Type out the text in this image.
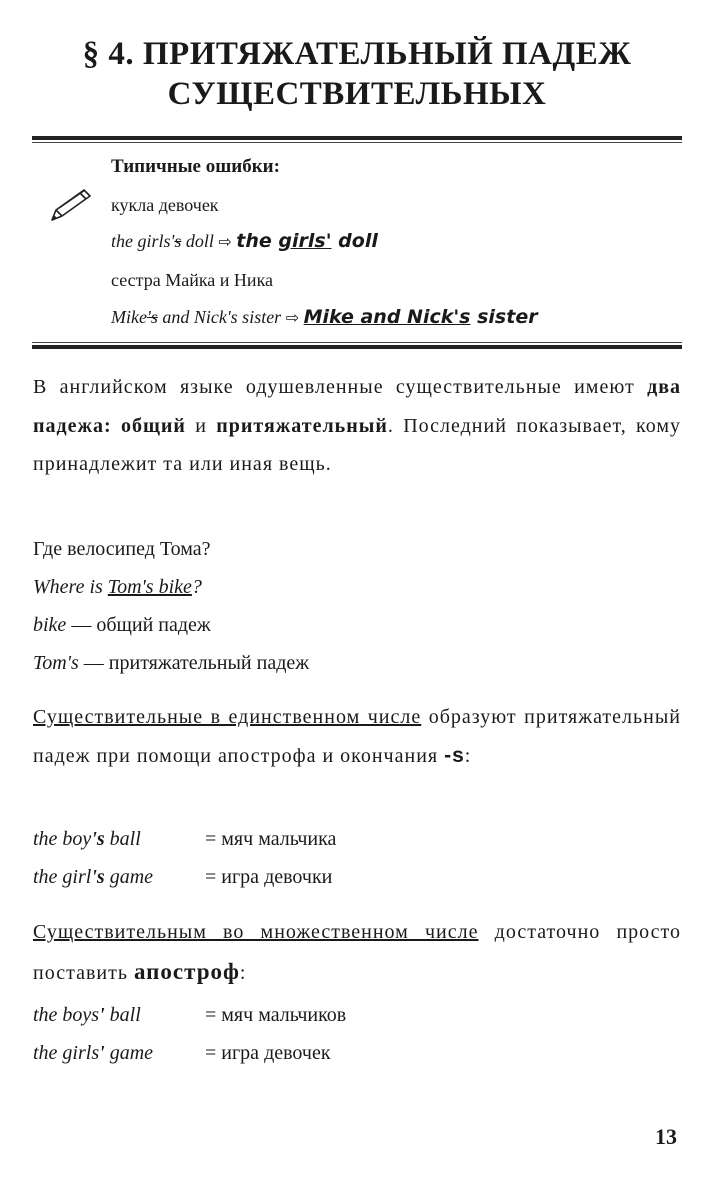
§ 4. ПРИТЯЖАТЕЛЬНЫЙ ПАДЕЖ
СУЩЕСТВИТЕЛЬНЫХ
Типичные ошибки:
кукла девочек
the girls's doll ⇨ the girls' doll
сестра Майка и Ника
Mike's and Nick's sister ⇨ Mike and Nick's sister
В английском языке одушевленные существительные имеют два падежа: общий и притяжательный. Последний показывает, кому принадлежит та или иная вещь.
Где велосипед Тома?
Where is Tom's bike?
bike — общий падеж
Tom's — притяжательный падеж
Существительные в единственном числе образуют притяжательный падеж при помощи апострофа и окончания -s:
the boy's ball	= мяч мальчика
the girl's game	= игра девочки
Существительным во множественном числе достаточно просто поставить апостроф:
the boys' ball	= мяч мальчиков
the girls' game	= игра девочек
13
